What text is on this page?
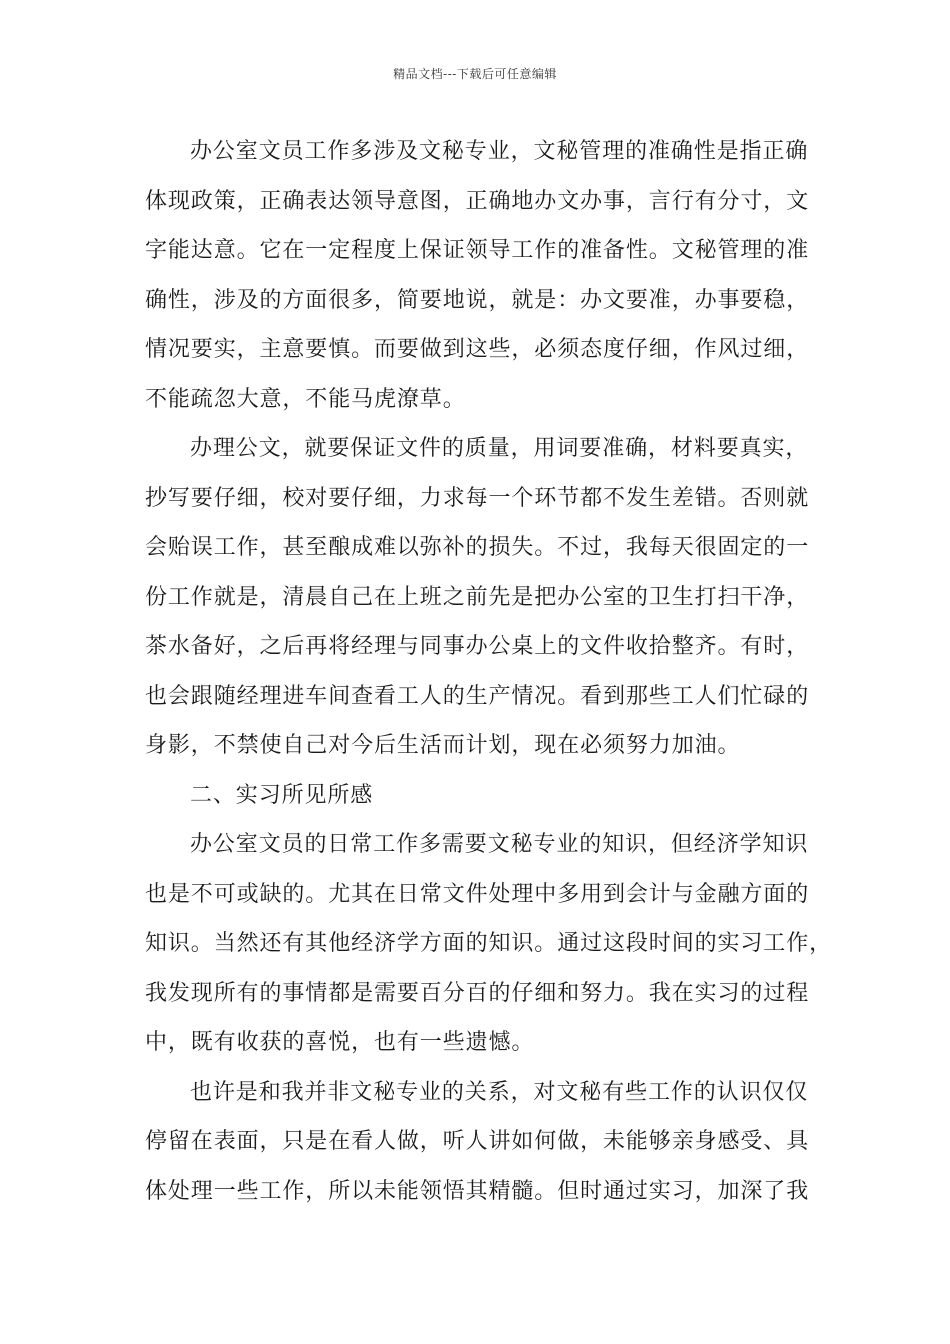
精品文档---下载后可任意编辑
办公室文员工作多涉及文秘专业，文秘管理的准确性是指正确
体现政策，正确表达领导意图，正确地办文办事，言行有分寸，文
字能达意。它在一定程度上保证领导工作的准备性。文秘管理的准
确性，涉及的方面很多，简要地说，就是：办文要准，办事要稳，
情况要实，主意要慎。而要做到这些，必须态度仔细，作风过细，
不能疏忽大意，不能马虎潦草。
办理公文，就要保证文件的质量，用词要准确，材料要真实，
抄写要仔细，校对要仔细，力求每一个环节都不发生差错。否则就
会贻误工作，甚至酿成难以弥补的损失。不过，我每天很固定的一
份工作就是，清晨自己在上班之前先是把办公室的卫生打扫干净，
茶水备好，之后再将经理与同事办公桌上的文件收拾整齐。有时，
也会跟随经理进车间查看工人的生产情况。看到那些工人们忙碌的
身影，不禁使自己对今后生活而计划，现在必须努力加油。
二、实习所见所感
办公室文员的日常工作多需要文秘专业的知识，但经济学知识
也是不可或缺的。尤其在日常文件处理中多用到会计与金融方面的
知识。当然还有其他经济学方面的知识。通过这段时间的实习工作，
我发现所有的事情都是需要百分百的仔细和努力。我在实习的过程
中，既有收获的喜悦，也有一些遗憾。
也许是和我并非文秘专业的关系，对文秘有些工作的认识仅仅
停留在表面，只是在看人做，听人讲如何做，未能够亲身感受、具
体处理一些工作，所以未能领悟其精髓。但时通过实习，加深了我
